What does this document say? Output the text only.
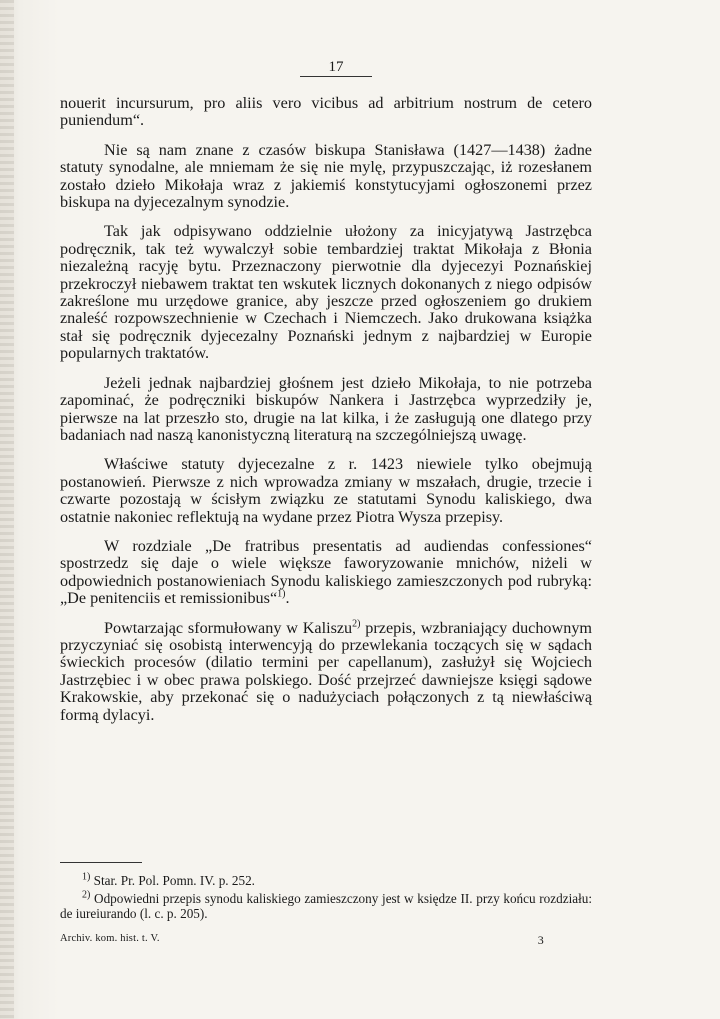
17

nouerit incursurum, pro aliis vero vicibus ad arbitrium nostrum de cetero puniendum“.

Nie są nam znane z czasów biskupa Stanisława (1427—1438) żadne statuty synodalne, ale mniemam że się nie mylę, przypuszczając, iż rozesłanem zostało dzieło Mikołaja wraz z jakiemiś konstytucyjami ogłoszonemi przez biskupa na dyjecezalnym synodzie.

Tak jak odpisywano oddzielnie ułożony za inicyjatywą Jastrzębca podręcznik, tak też wywalczył sobie tembardziej traktat Mikołaja z Błonia niezależną racyję bytu. Przeznaczony pierwotnie dla dyjecezyi Poznańskiej przekroczył niebawem traktat ten wskutek licznych dokonanych z niego odpisów zakreślone mu urzędowe granice, aby jeszcze przed ogłoszeniem go drukiem znaleść rozpowszechnienie w Czechach i Niemczech. Jako drukowana książka stał się podręcznik dyjecezalny Poznański jednym z najbardziej w Europie popularnych traktatów.

Jeżeli jednak najbardziej głośnem jest dzieło Mikołaja, to nie potrzeba zapominać, że podręczniki biskupów Nankera i Jastrzębca wyprzedziły je, pierwsze na lat przeszło sto, drugie na lat kilka, i że zasługują one dlatego przy badaniach nad naszą kanonistyczną literaturą na szczególniejszą uwagę.

Właściwe statuty dyjecezalne z r. 1423 niewiele tylko obejmują postanowień. Pierwsze z nich wprowadza zmiany w mszałach, drugie, trzecie i czwarte pozostają w ścisłym związku ze statutami Synodu kaliskiego, dwa ostatnie nakoniec reflektują na wydane przez Piotra Wysza przepisy.

W rozdziale „De fratribus presentatis ad audiendas confessiones“ spostrzedz się daje o wiele większe faworyzowanie mnichów, niżeli w odpowiednich postanowieniach Synodu kaliskiego zamieszczonych pod rubryką: „De penitenciis et remissionibus“$^{1)}$.

Powtarzając sformułowany w Kaliszu$^{2)}$ przepis, wzbraniający duchownym przyczyniać się osobistą interwencyją do przewlekania toczących się w sądach świeckich procesów (dilatio termini per capellanum), zasłużył się Wojciech Jastrzębiec i w obec prawa polskiego. Dość przejrzeć dawniejsze księgi sądowe Krakowskie, aby przekonać się o nadużyciach połączonych z tą niewłaściwą formą dylacyi.

$^{1)}$ Star. Pr. Pol. Pomn. IV. p. 252.

$^{2)}$ Odpowiedni przepis synodu kaliskiego zamieszczony jest w księdze II. przy końcu rozdziału: de iureiurando (l. c. p. 205).

Archiv. kom. hist. t. V.	3
